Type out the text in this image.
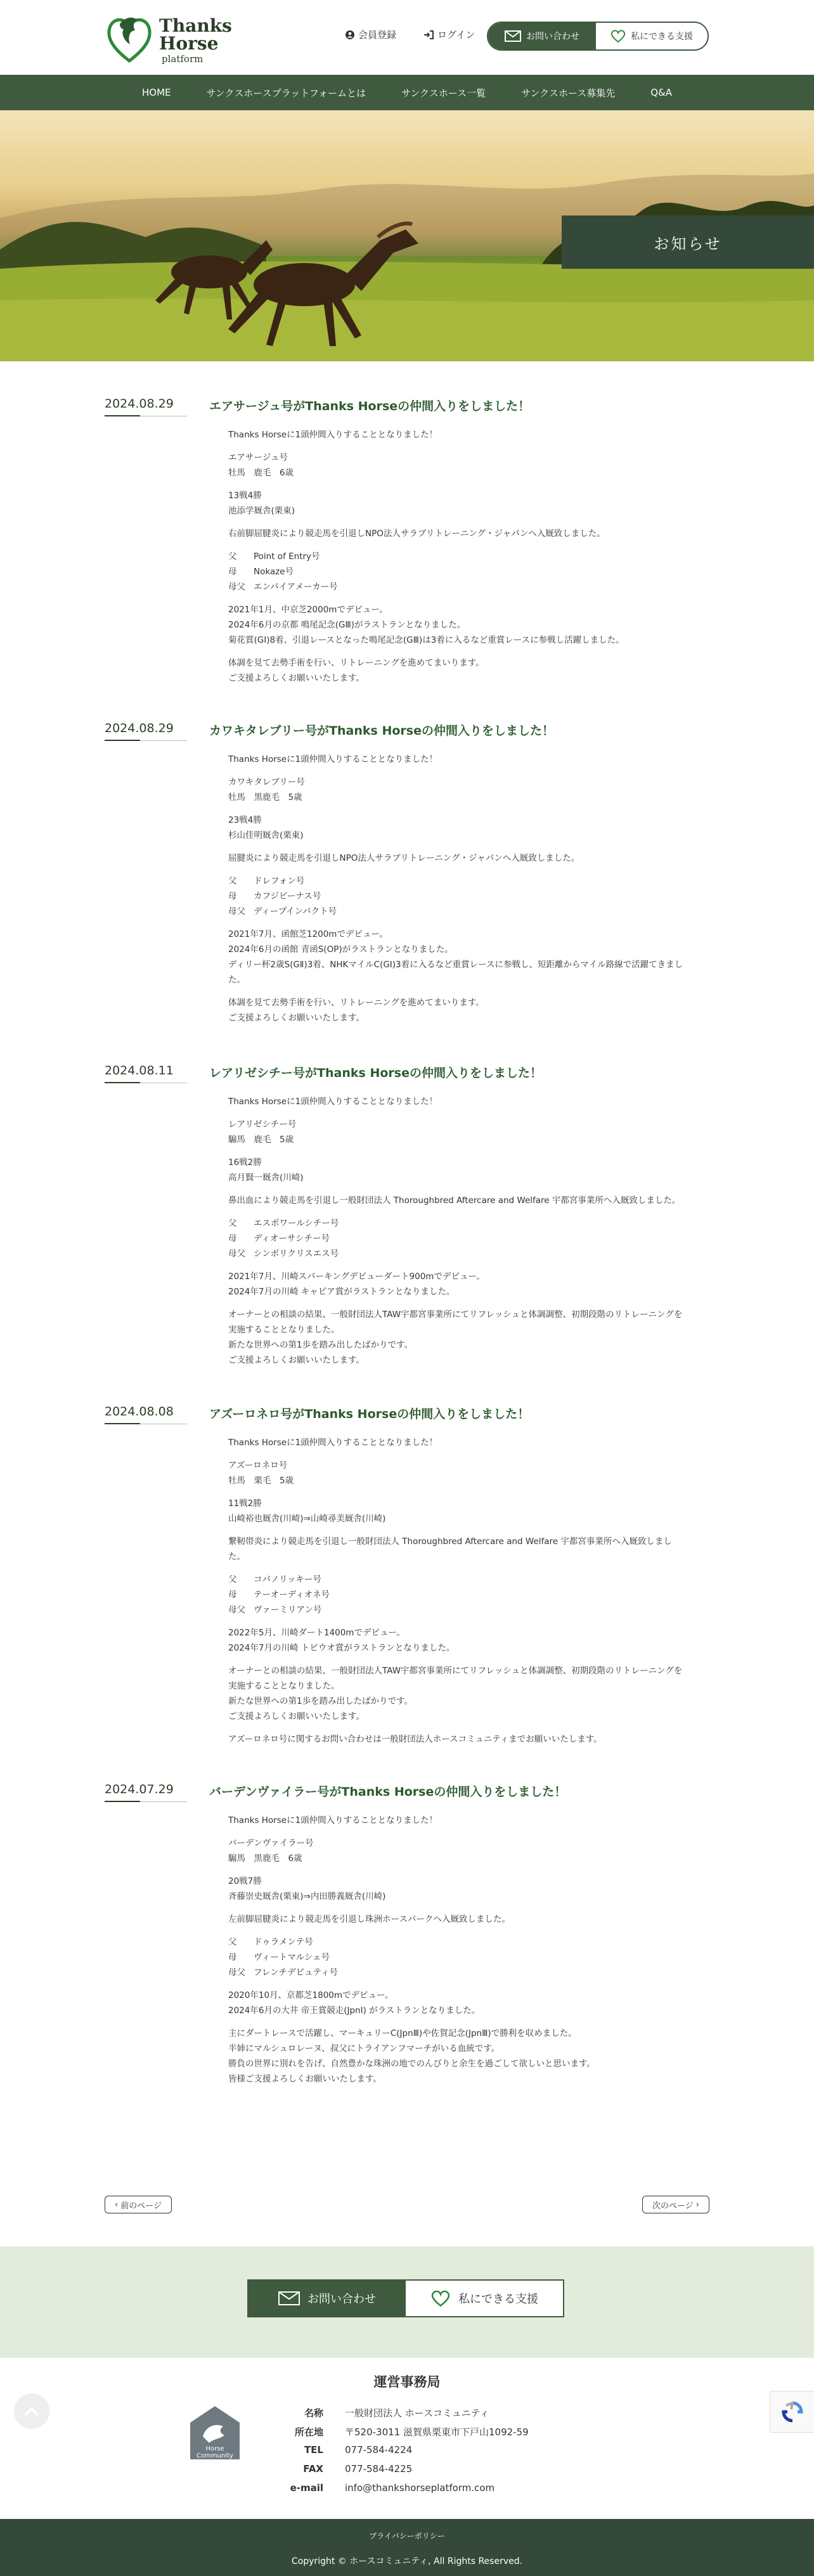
Thanks
Horse
platform
会員登録	ログイン	お問い合わせ	私にできる支援
HOME	サンクスホースプラットフォームとは	サンクスホース一覧	サンクスホース募集先	Q&A
お知らせ
2024.08.29	エアサージュ号がThanks Horseの仲間入りをしました！

Thanks Horseに1頭仲間入りすることとなりました！

エアサージュ号
牡馬　鹿毛　6歳

13戦4勝
池添学厩舎(栗東)

右前脚屈腱炎により競走馬を引退しNPO法人サラブリトレーニング・ジャパンへ入厩致しました。

父	Point of Entry号
母	Nokaze号
母父 エンパイアメーカー号

2021年1月、中京芝2000mでデビュー。
2024年6月の京都 鳴尾記念(GⅢ)がラストランとなりました。
菊花賞(GⅠ)8着、引退レースとなった鳴尾記念(GⅢ)は3着に入るなど重賞レースに参戦し活躍しました。

体調を見て去勢手術を行い、リトレーニングを進めてまいります。
ご支援よろしくお願いいたします。

2024.08.29	カワキタレブリー号がThanks Horseの仲間入りをしました！

Thanks Horseに1頭仲間入りすることとなりました！

カワキタレブリー号
牡馬　黒鹿毛　5歳

23戦4勝
杉山佳明厩舎(栗東)

屈腱炎により競走馬を引退しNPO法人サラブリトレーニング・ジャパンへ入厩致しました。

父	ドレフォン号
母	カフジビーナス号
母父 ディープインパクト号

2021年7月、函館芝1200mでデビュー。
2024年6月の函館 青函S(OP)がラストランとなりました。
ディリー杯2歳S(GⅡ)3着、NHKマイルC(GⅠ)3着に入るなど重賞レースに参戦し、短距離からマイル路線で活躍てきました。

体調を見て去勢手術を行い、リトレーニングを進めてまいります。
ご支援よろしくお願いいたします。

2024.08.11	レアリゼシチー号がThanks Horseの仲間入りをしました！

Thanks Horseに1頭仲間入りすることとなりました！

レアリゼシチー号
騸馬　鹿毛　5歳

16戦2勝
高月賢一厩舎(川崎)

鼻出血により競走馬を引退し一般財団法人 Thoroughbred Aftercare and Welfare 宇都宮事業所へ入厩致しました。

父	エスポワールシチー号
母	ディオーサシチー号
母父 シンボリクリスエス号

2021年7月、川崎スパーキングデビューダート900mでデビュー。
2024年7月の川崎 キャピア賞がラストランとなりました。

オーナーとの相談の結果、一般財団法人TAW宇都宮事業所にてリフレッシュと体調調整、初期段階のリトレーニングを実施することとなりました。
新たな世界への第1歩を踏み出したばかりです。
ご支援よろしくお願いいたします。

2024.08.08	アズーロネロ号がThanks Horseの仲間入りをしました！

Thanks Horseに1頭仲間入りすることとなりました！

アズーロネロ号
牡馬　栗毛　5歳

11戦2勝
山崎裕也厩舎(川崎)⇒山崎尋美厩舎(川崎)

繋靭帯炎により競走馬を引退し一般財団法人 Thoroughbred Aftercare and Welfare 宇都宮事業所へ入厩致しました。

父	コパノリッキー号
母	テーオーディオネ号
母父 ヴァーミリアン号

2022年5月、川崎ダート1400mでデビュー。
2024年7月の川崎 トビウオ賞がラストランとなりました。

オーナーとの相談の結果、一般財団法人TAW宇都宮事業所にてリフレッシュと体調調整、初期段階のリトレーニングを実施することとなりました。
新たな世界への第1歩を踏み出したばかりです。
ご支援よろしくお願いいたします。

アズーロネロ号に関するお問い合わせは一般財団法人ホースコミュニティまでお願いいたします。

2024.07.29	バーデンヴァイラー号がThanks Horseの仲間入りをしました！

Thanks Horseに1頭仲間入りすることとなりました！

バーデンヴァイラー号
騸馬　黒鹿毛　6歳

20戦7勝
斉藤崇史厩舎(栗東)⇒内田勝義厩舎(川崎)

左前脚屈腱炎により競走馬を引退し珠洲ホースパークへ入厩致しました。

父	ドゥラメンテ号
母	ヴィートマルシェ号
母父 フレンチデピュティ号

2020年10月、京都芝1800mでデビュー。
2024年6月の大井 帝王賞競走(JpnⅠ) がラストランとなりました。

主にダートレースで活躍し、マーキュリーC(JpnⅢ)や佐賀記念(JpnⅢ)で勝利を収めました。
半姉にマルシュロレーヌ、叔父にトライアンフマーチがいる血統です。
勝負の世界に別れを告げ、自然豊かな珠洲の地でのんびりと余生を過ごして欲しいと思います。
皆様ご支援よろしくお願いいたします。

‹ 前のページ	次のページ ›
お問い合わせ	私にできる支援
運営事務局
Horse Community
名称 一般財団法人 ホースコミュニティ
所在地 〒520-3011 滋賀県栗東市下戸山1092-59
TEL 077-584-4224
FAX 077-584-4225
e-mail info@thankshorseplatform.com
プライバシーポリシー
Copyright © ホースコミュニティ, All Rights Reserved.
